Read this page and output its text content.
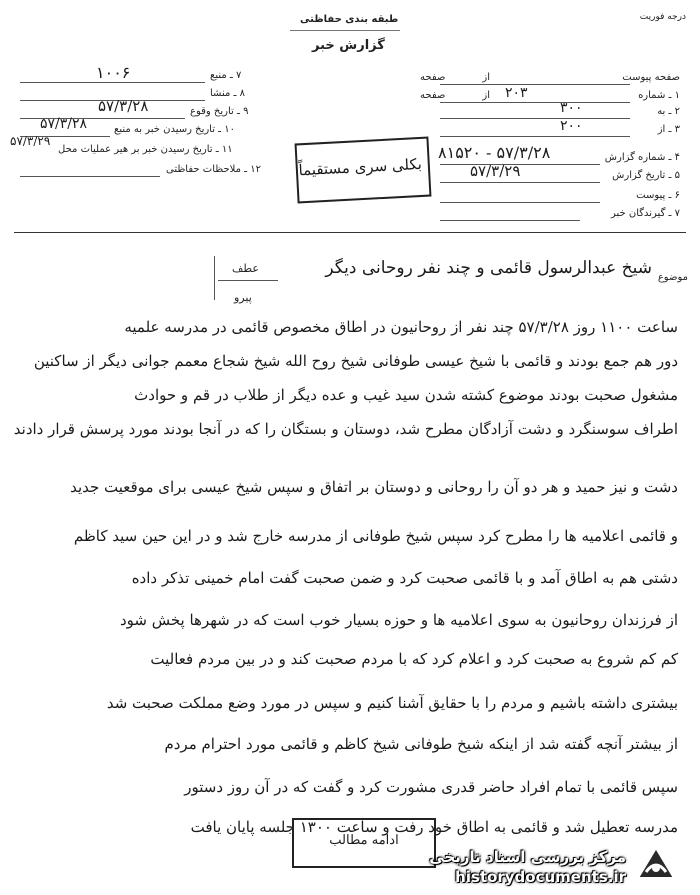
درجه فوریت
طبقه بندی حفاظتی
گزارش خبر
صفحه پیوست
از
صفحه
۱ ـ شماره
۲۰۳
از
صفحه
۲ ـ به
۳۰۰
۳ ـ از
۲۰۰
۴ ـ شماره گزارش
۵۷/۳/۲۸ - ۸۱۵۲۰
۵ ـ تاریخ گزارش
۵۷/۳/۲۹
۶ ـ پیوست
۷ ـ گیرندگان خبر
۷ ـ منبع
۱۰۰۶
۸ ـ منشا
۹ ـ تاریخ وقوع
۵۷/۳/۲۸
۱۰ ـ تاریخ رسیدن خبر به منبع
۵۷/۳/۲۸
۱۱ ـ تاریخ رسیدن خبر بر هیر عملیات محل
۵۷/۳/۲۹
۱۲ ـ ملاحظات حفاظتی بکلی سری مستقیماً
عطف
پیرو
موضوع
شیخ عبدالرسول قائمی و چند نفر روحانی دیگر
ساعت ۱۱۰۰ روز ۵۷/۳/۲۸ چند نفر از روحانیون در اطاق مخصوص قائمی در مدرسه علمیه
دور هم جمع بودند و قائمی با شیخ عیسی طوفانی شیخ روح الله شیخ شجاع معمم جوانی دیگر از ساکنین
مشغول صحبت بودند موضوع کشته شدن سید غیب و عده دیگر از طلاب در قم و حوادث
اطراف سوسنگرد و دشت آزادگان مطرح شد، دوستان و بستگان را که در آنجا بودند مورد پرسش قرار دادند
دشت و نیز حمید و هر دو آن را روحانی و دوستان بر اتفاق و سپس شیخ عیسی برای موقعیت جدید
و قائمی اعلامیه ها را مطرح کرد سپس شیخ طوفانی از مدرسه خارج شد و در این حین سید کاظم
دشتی هم به اطاق آمد و با قائمی صحبت کرد و ضمن صحبت گفت امام خمینی تذکر داده
از فرزندان روحانیون به سوی اعلامیه ها و حوزه بسیار خوب است که در شهرها پخش شود
کم کم شروع به صحبت کرد و اعلام کرد که با مردم صحبت کند و در بین مردم فعالیت
بیشتری داشته باشیم و مردم را با حقایق آشنا کنیم و سپس در مورد وضع مملکت صحبت شد
از بیشتر آنچه گفته شد از اینکه شیخ طوفانی شیخ کاظم و قائمی مورد احترام مردم
سپس قائمی با تمام افراد حاضر قدری مشورت کرد و گفت که در آن روز دستور
مدرسه تعطیل شد و قائمی به اطاق خود رفت و ساعت ۱۳۰۰ جلسه پایان یافت
ادامه مطالب
مرکز بررسی اسناد تاریخی
historydocuments.ir
